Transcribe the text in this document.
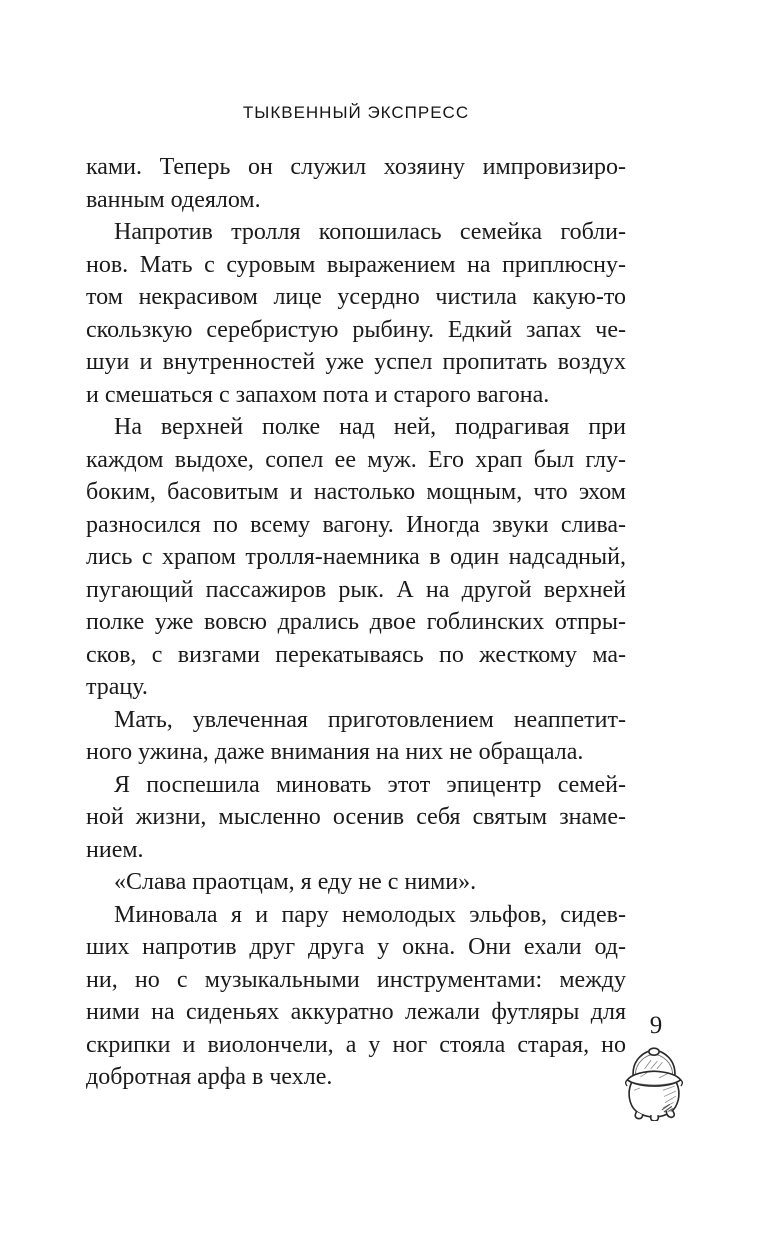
ТЫКВЕННЫЙ ЭКСПРЕСС
ками. Теперь он служил хозяину импровизиро-
ванным одеялом.
Напротив тролля копошилась семейка гобли-
нов. Мать с суровым выражением на приплюсну-
том некрасивом лице усердно чистила какую-то
скользкую серебристую рыбину. Едкий запах че-
шуи и внутренностей уже успел пропитать воздух
и смешаться с запахом пота и старого вагона.
На верхней полке над ней, подрагивая при
каждом выдохе, сопел ее муж. Его храп был глу-
боким, басовитым и настолько мощным, что эхом
разносился по всему вагону. Иногда звуки слива-
лись с храпом тролля-наемника в один надсадный,
пугающий пассажиров рык. А на другой верхней
полке уже вовсю дрались двое гоблинских отпры-
сков, с визгами перекатываясь по жесткому ма-
трацу.
Мать, увлеченная приготовлением неаппетит-
ного ужина, даже внимания на них не обращала.
Я поспешила миновать этот эпицентр семей-
ной жизни, мысленно осенив себя святым знаме-
нием.
«Слава праотцам, я еду не с ними».
Миновала я и пару немолодых эльфов, сидев-
ших напротив друг друга у окна. Они ехали од-
ни, но с музыкальными инструментами: между
ними на сиденьях аккуратно лежали футляры для
скрипки и виолончели, а у ног стояла старая, но
добротная арфа в чехле.
9
